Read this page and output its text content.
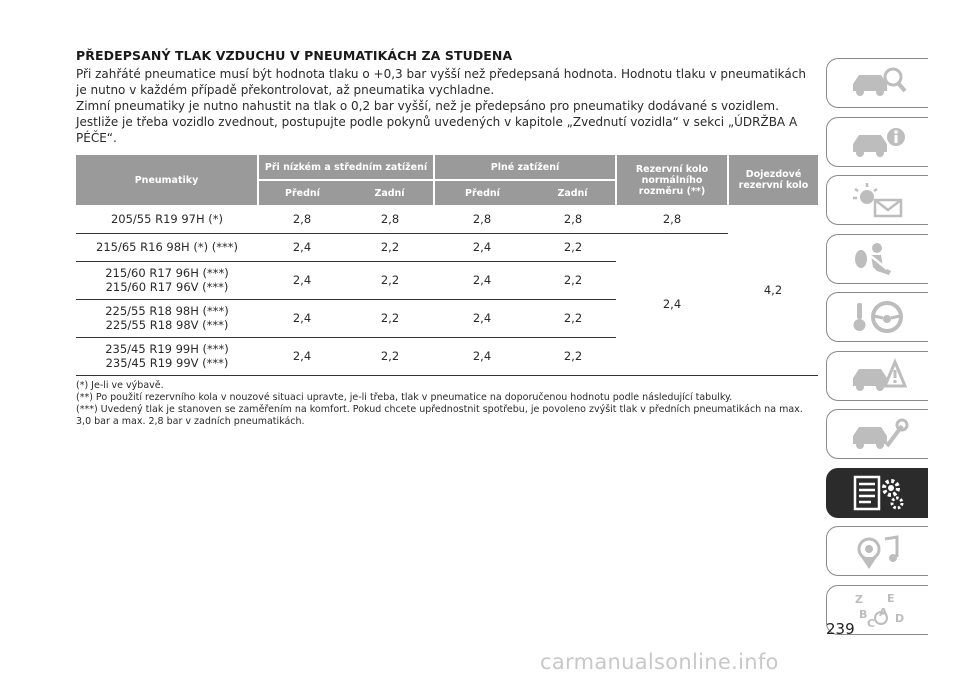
PŘEDEPSANÝ TLAK VZDUCHU V PNEUMATIKÁCH ZA STUDENA

Při zahřáté pneumatice musí být hodnota tlaku o +0,3 bar vyšší než předepsaná hodnota. Hodnotu tlaku v pneumatikách je nutno v každém případě překontrolovat, až pneumatika vychladne.

Zimní pneumatiky je nutno nahustit na tlak o 0,2 bar vyšší, než je předepsáno pro pneumatiky dodávané s vozidlem.

Jestliže je třeba vozidlo zvednout, postupujte podle pokynů uvedených v kapitole „Zvednutí vozidla“ v sekci „ÚDRŽBA A PÉČE“.

Pneumatiky	Při nízkém a středním zatížení		Plné zatížení		Rezervní kolo normálního rozměru (**)	Dojezdové rezervní kolo
	Přední	Zadní	Přední	Zadní		
205/55 R19 97H (*)	2,8	2,8	2,8	2,8	2,8	4,2
215/65 R16 98H (*) (***)	2,4	2,2	2,4	2,2	2,4	

215/60 R17 96H (***)
215/60 R17 96V (***)	2,4	2,2	2,4	2,2		

225/55 R18 98H (***)
225/55 R18 98V (***)	2,4	2,2	2,4	2,2		

235/45 R19 99H (***)
235/45 R19 99V (***)	2,4	2,2	2,4	2,2		

(*) Je-li ve výbavě.

(**) Po použití rezervního kola v nouzové situaci upravte, je-li třeba, tlak v pneumatice na doporučenou hodnotu podle následující tabulky.

(***) Uvedený tlak je stanoven se zaměřením na komfort. Pokud chcete upřednostnit spotřebu, je povoleno zvýšit tlak v předních pneumatikách na max. 3,0 bar a max. 2,8 bar v zadních pneumatikách.

Z E
B A
C D
239
carmanualsonline.info
